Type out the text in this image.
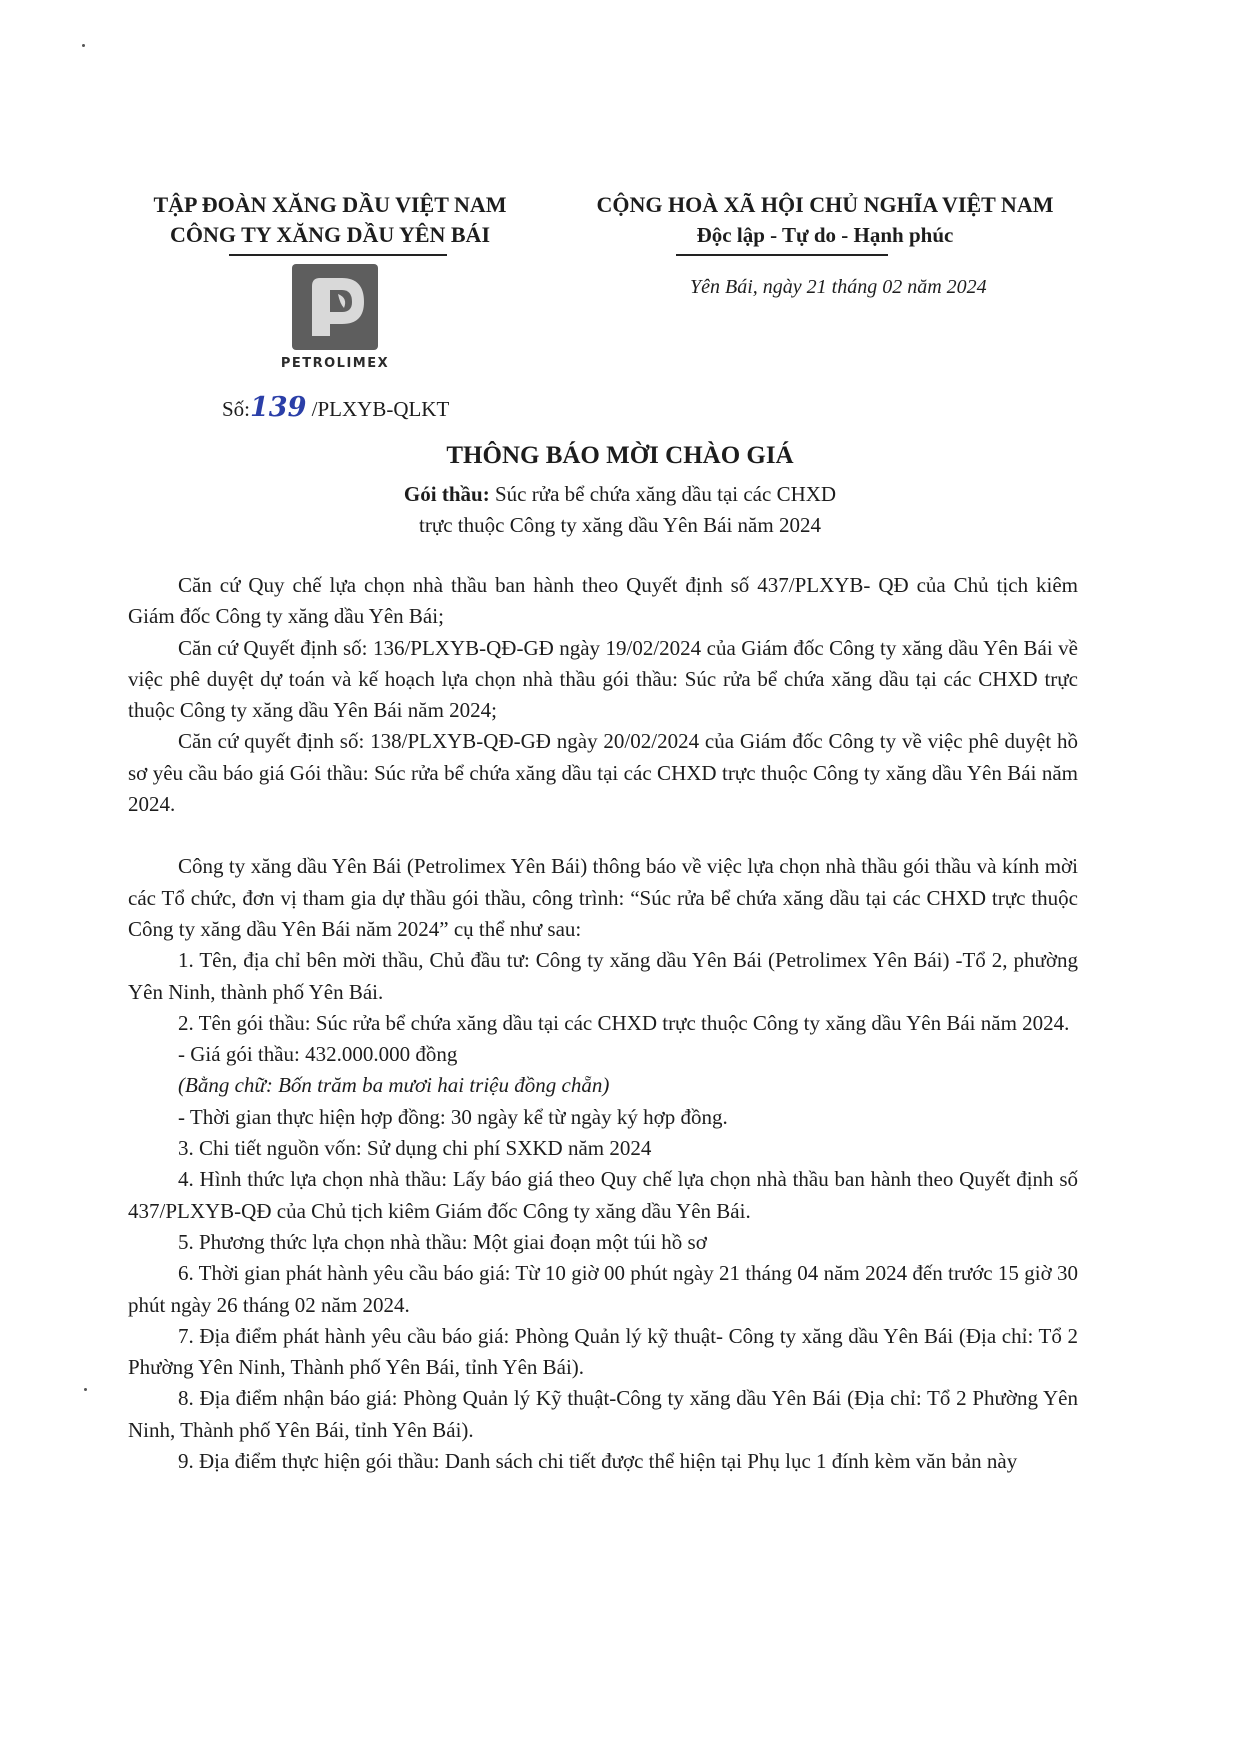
TẬP ĐOÀN XĂNG DẦU VIỆT NAM
CÔNG TY XĂNG DẦU YÊN BÁI
CỘNG HOÀ XÃ HỘI CHỦ NGHĨA VIỆT NAM
Độc lập - Tự do - Hạnh phúc
Yên Bái, ngày 21 tháng 02 năm 2024
PETROLIMEX
Số:139 /PLXYB-QLKT
THÔNG BÁO MỜI CHÀO GIÁ
Gói thầu: Súc rửa bể chứa xăng dầu tại các CHXD
trực thuộc Công ty xăng dầu Yên Bái năm 2024

Căn cứ Quy chế lựa chọn nhà thầu ban hành theo Quyết định số 437/PLXYB- QĐ của Chủ tịch kiêm Giám đốc Công ty xăng dầu Yên Bái;

Căn cứ Quyết định số: 136/PLXYB-QĐ-GĐ ngày 19/02/2024 của Giám đốc Công ty xăng dầu Yên Bái về việc phê duyệt dự toán và kế hoạch lựa chọn nhà thầu gói thầu: Súc rửa bể chứa xăng dầu tại các CHXD trực thuộc Công ty xăng dầu Yên Bái năm 2024;

Căn cứ quyết định số: 138/PLXYB-QĐ-GĐ ngày 20/02/2024 của Giám đốc Công ty về việc phê duyệt hồ sơ yêu cầu báo giá Gói thầu: Súc rửa bể chứa xăng dầu tại các CHXD trực thuộc Công ty xăng dầu Yên Bái năm 2024.

Công ty xăng dầu Yên Bái (Petrolimex Yên Bái) thông báo về việc lựa chọn nhà thầu gói thầu và kính mời các Tổ chức, đơn vị tham gia dự thầu gói thầu, công trình: “Súc rửa bể chứa xăng dầu tại các CHXD trực thuộc Công ty xăng dầu Yên Bái năm 2024” cụ thể như sau:

1. Tên, địa chỉ bên mời thầu, Chủ đầu tư: Công ty xăng dầu Yên Bái (Petrolimex Yên Bái) -Tổ 2, phường Yên Ninh, thành phố Yên Bái.

2. Tên gói thầu: Súc rửa bể chứa xăng dầu tại các CHXD trực thuộc Công ty xăng dầu Yên Bái năm 2024.

- Giá gói thầu: 432.000.000 đồng

(Bằng chữ: Bốn trăm ba mươi hai triệu đồng chẵn)

- Thời gian thực hiện hợp đồng: 30 ngày kể từ ngày ký hợp đồng.

3. Chi tiết nguồn vốn: Sử dụng chi phí SXKD năm 2024

4. Hình thức lựa chọn nhà thầu: Lấy báo giá theo Quy chế lựa chọn nhà thầu ban hành theo Quyết định số 437/PLXYB-QĐ của Chủ tịch kiêm Giám đốc Công ty xăng dầu Yên Bái.

5. Phương thức lựa chọn nhà thầu: Một giai đoạn một túi hồ sơ

6. Thời gian phát hành yêu cầu báo giá: Từ 10 giờ 00 phút ngày 21 tháng 04 năm 2024 đến trước 15 giờ 30 phút ngày 26 tháng 02 năm 2024.

7. Địa điểm phát hành yêu cầu báo giá: Phòng Quản lý kỹ thuật- Công ty xăng dầu Yên Bái (Địa chỉ: Tổ 2 Phường Yên Ninh, Thành phố Yên Bái, tỉnh Yên Bái).

8. Địa điểm nhận báo giá: Phòng Quản lý Kỹ thuật-Công ty xăng dầu Yên Bái (Địa chỉ: Tổ 2 Phường Yên Ninh, Thành phố Yên Bái, tỉnh Yên Bái).

9. Địa điểm thực hiện gói thầu: Danh sách chi tiết được thể hiện tại Phụ lục 1 đính kèm văn bản này
